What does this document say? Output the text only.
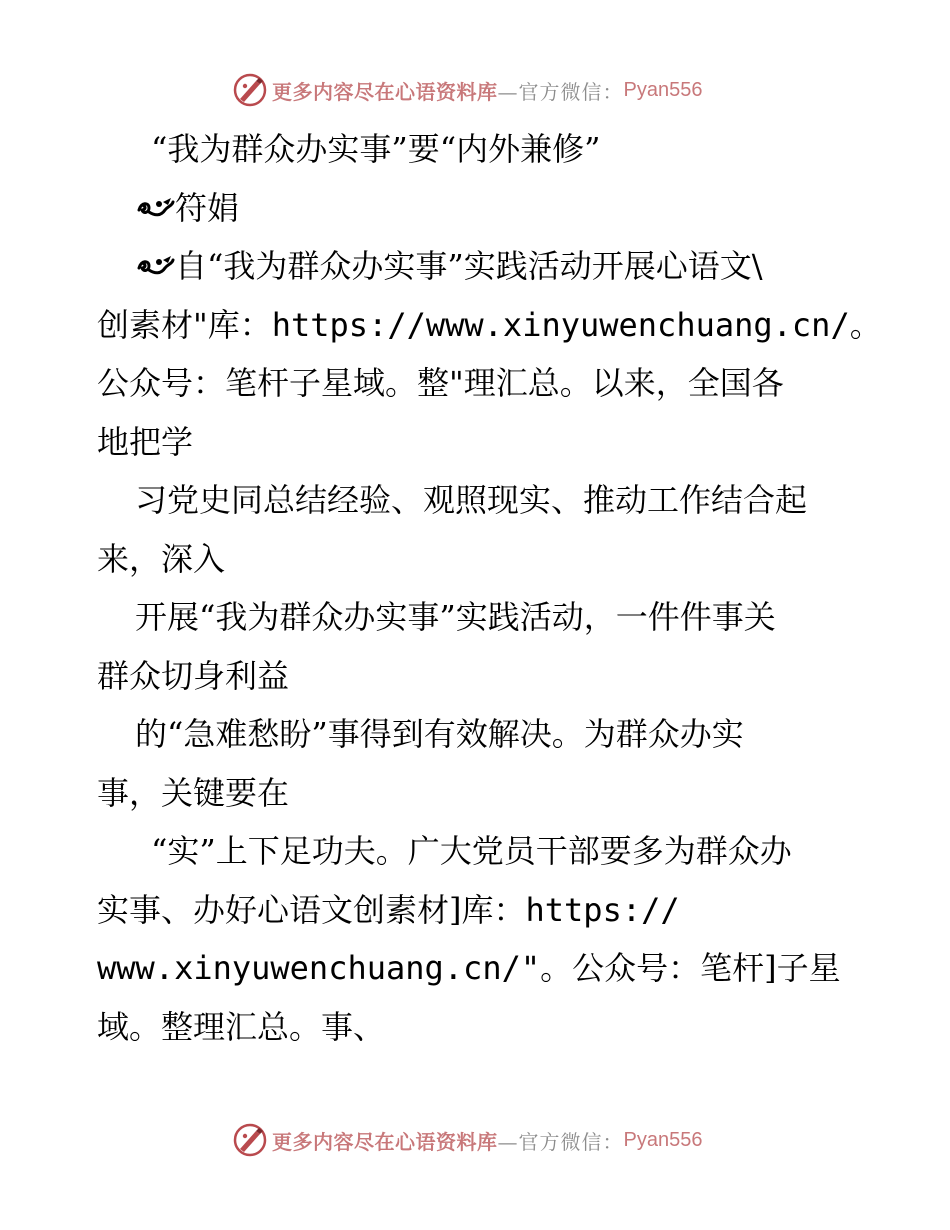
更多内容尽在心语资料库 —官方微信： Pyan556
“我为群众办实事”要“内外兼修”
符娟
自“我为群众办实事”实践活动开展心语文\
创素材"库：https://www.xinyuwenchuang.cn/。
公众号：笔杆子星域。整"理汇总。以来，全国各
地把学
习党史同总结经验、观照现实、推动工作结合起
来，深入
开展“我为群众办实事”实践活动，一件件事关
群众切身利益
的“急难愁盼”事得到有效解决。为群众办实
事，关键要在
“实”上下足功夫。广大党员干部要多为群众办
实事、办好心语文创素材]库：https://
www.xinyuwenchuang.cn/"。公众号：笔杆]子星
域。整理汇总。事、
更多内容尽在心语资料库 —官方微信： Pyan556
